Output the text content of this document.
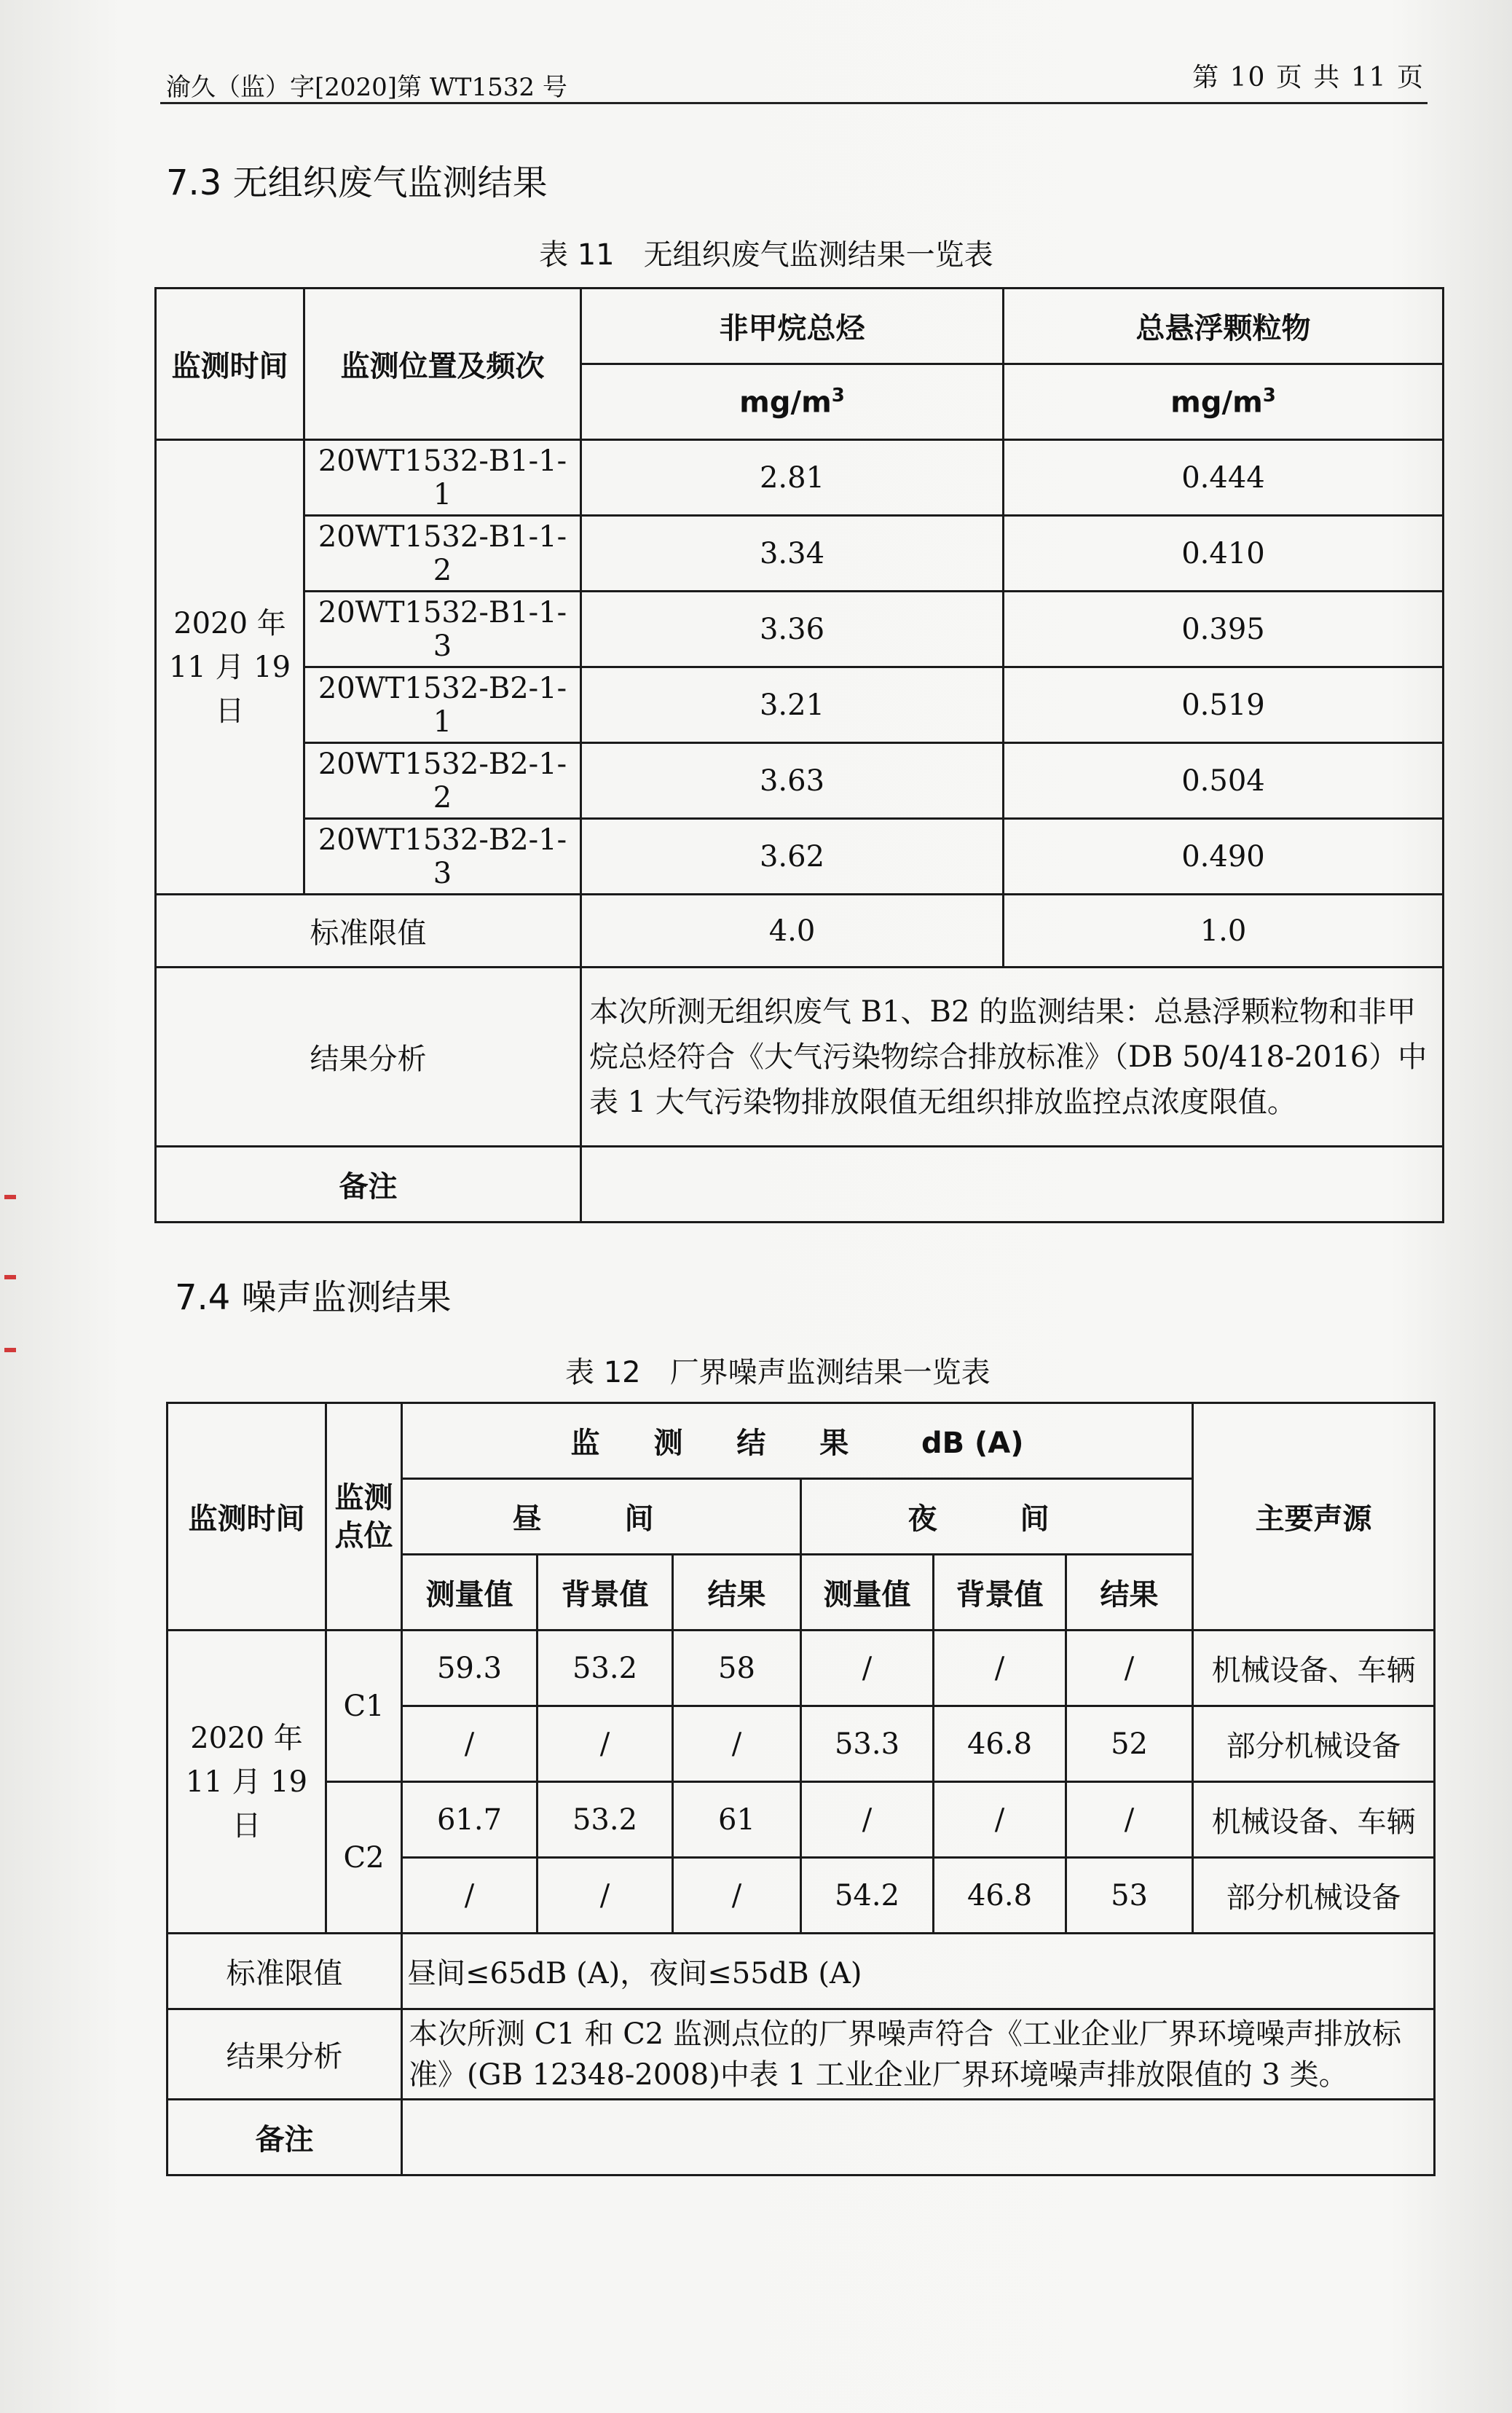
渝久（监）字[2020]第 WT1532 号	第 10 页 共 11 页
7.3 无组织废气监测结果
表 11　无组织废气监测结果一览表
监测时间	监测位置及频次	非甲烷总烃	总悬浮颗粒物
		$mg/m^3$	$mg/m^3$
2020 年 11 月 19 日	20WT1532-B1-1-1	2.81	0.444
	20WT1532-B1-1-2	3.34	0.410
	20WT1532-B1-1-3	3.36	0.395
	20WT1532-B2-1-1	3.21	0.519
	20WT1532-B2-1-2	3.63	0.504
	20WT1532-B2-1-3	3.62	0.490
标准限值		4.0	1.0
结果分析		本次所测无组织废气 B1、B2 的监测结果：总悬浮颗粒物和非甲烷总烃符合《大气污染物综合排放标准》（DB 50/418-2016）中表 1 大气污染物排放限值无组织排放监控点浓度限值。	
备注			
7.4 噪声监测结果
表 12　厂界噪声监测结果一览表
监测时间	监测点位	监 测 结 果 dB (A)						主要声源
		昼 间			夜 间			
		测量值	背景值	结果	测量值	背景值	结果	
2020 年 11 月 19 日	C1	59.3	53.2	58	/	/	/	机械设备、车辆
		/	/	/	53.3	46.8	52	部分机械设备
	C2	61.7	53.2	61	/	/	/	机械设备、车辆
		/	/	/	54.2	46.8	53	部分机械设备
标准限值		昼间≤65dB (A)，夜间≤55dB (A)						
结果分析		本次所测 C1 和 C2 监测点位的厂界噪声符合《工业企业厂界环境噪声排放标准》(GB 12348-2008)中表 1 工业企业厂界环境噪声排放限值的 3 类。						
备注								
